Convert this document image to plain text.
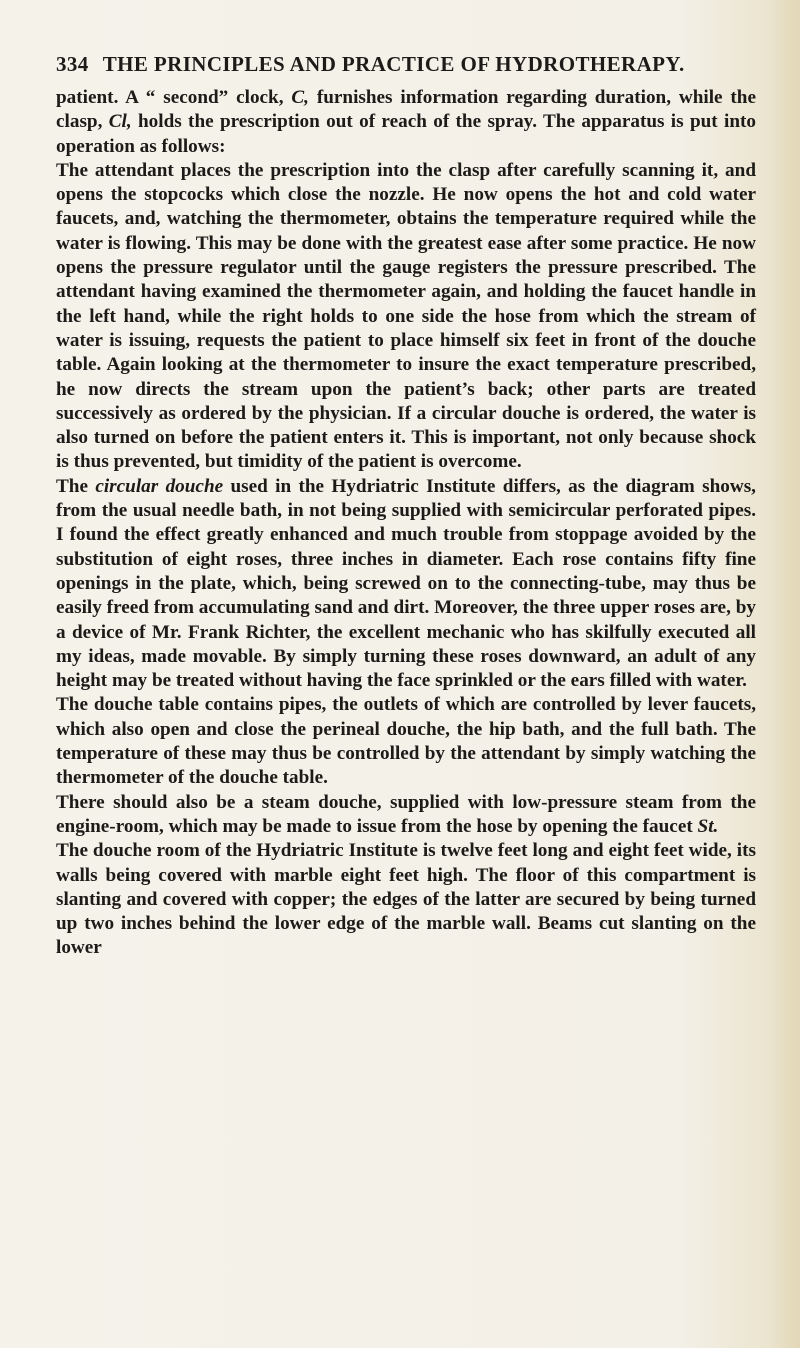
334 THE PRINCIPLES AND PRACTICE OF HYDROTHERAPY.

patient. A “ second” clock, C, furnishes information regarding duration, while the clasp, Cl, holds the prescription out of reach of the spray. The apparatus is put into operation as follows:

The attendant places the prescription into the clasp after carefully scanning it, and opens the stopcocks which close the nozzle. He now opens the hot and cold water faucets, and, watching the thermometer, obtains the temperature required while the water is flowing. This may be done with the greatest ease after some practice. He now opens the pressure regulator until the gauge registers the pressure prescribed. The attendant having examined the thermometer again, and holding the faucet handle in the left hand, while the right holds to one side the hose from which the stream of water is issuing, requests the patient to place himself six feet in front of the douche table. Again looking at the thermometer to insure the exact temperature prescribed, he now directs the stream upon the patient’s back; other parts are treated successively as ordered by the physician. If a circular douche is ordered, the water is also turned on before the patient enters it. This is important, not only because shock is thus prevented, but timidity of the patient is overcome.

The circular douche used in the Hydriatric Institute differs, as the diagram shows, from the usual needle bath, in not being supplied with semicircular perforated pipes. I found the effect greatly enhanced and much trouble from stoppage avoided by the substitution of eight roses, three inches in diameter. Each rose contains fifty fine openings in the plate, which, being screwed on to the connecting-tube, may thus be easily freed from accumulating sand and dirt. Moreover, the three upper roses are, by a device of Mr. Frank Richter, the excellent mechanic who has skilfully executed all my ideas, made movable. By simply turning these roses downward, an adult of any height may be treated without having the face sprinkled or the ears filled with water.

The douche table contains pipes, the outlets of which are controlled by lever faucets, which also open and close the perineal douche, the hip bath, and the full bath. The temperature of these may thus be controlled by the attendant by simply watching the thermometer of the douche table.

There should also be a steam douche, supplied with low-pressure steam from the engine-room, which may be made to issue from the hose by opening the faucet St.

The douche room of the Hydriatric Institute is twelve feet long and eight feet wide, its walls being covered with marble eight feet high. The floor of this compartment is slanting and covered with copper; the edges of the latter are secured by being turned up two inches behind the lower edge of the marble wall. Beams cut slanting on the lower
